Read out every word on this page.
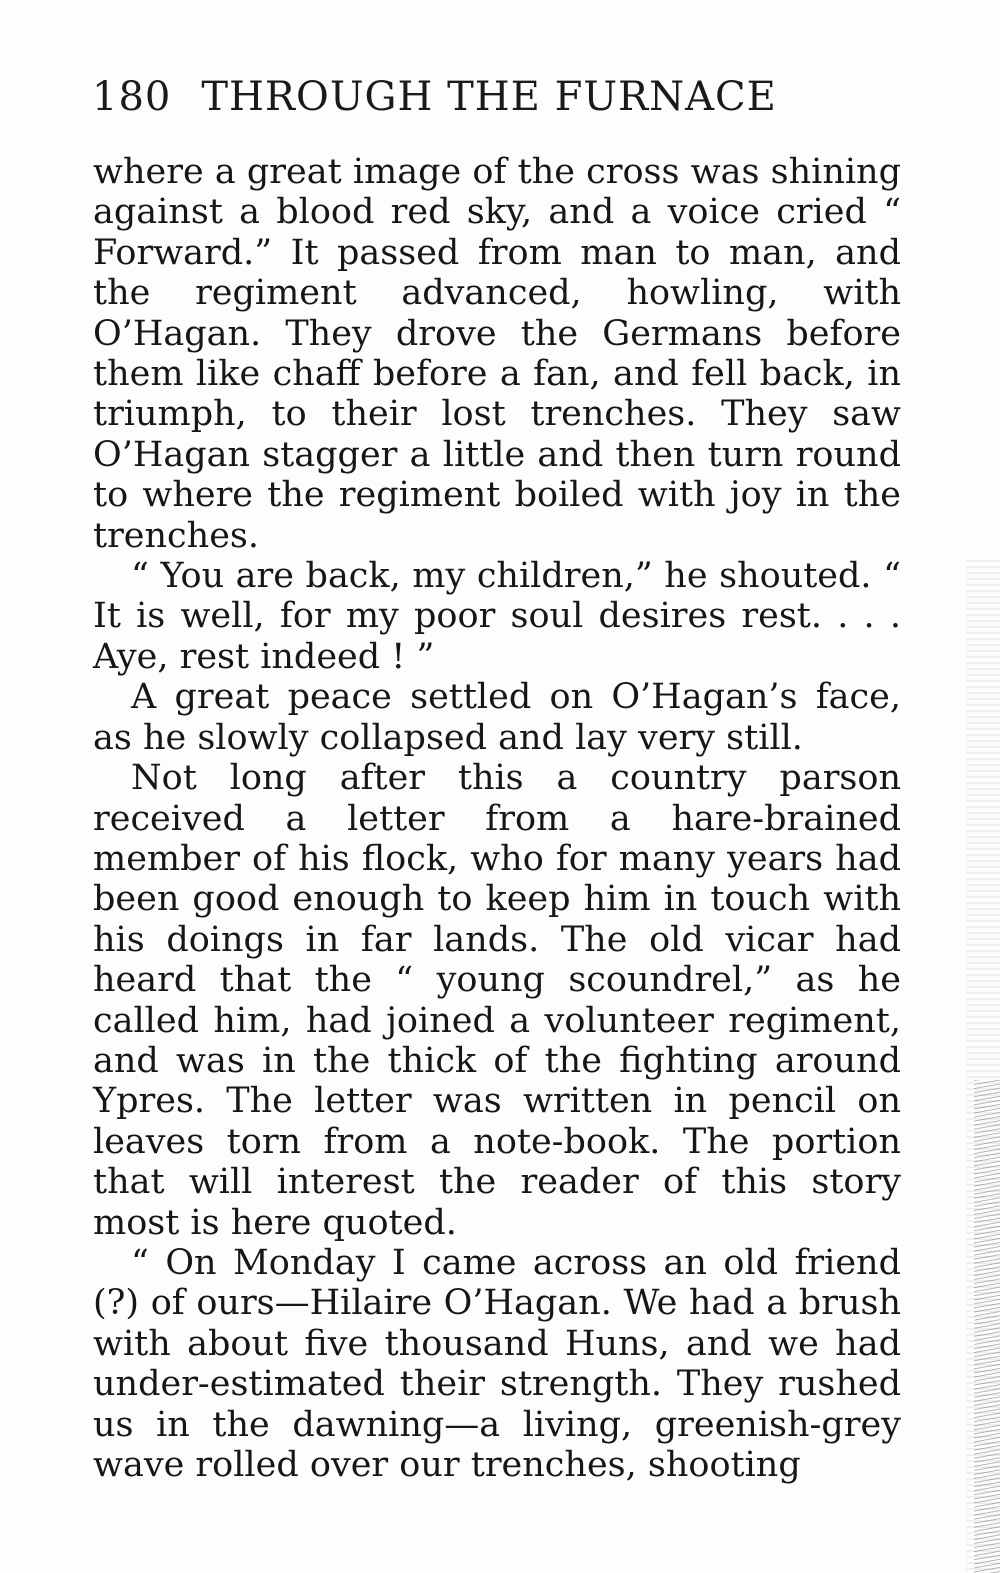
180 THROUGH THE FURNACE

where a great image of the cross was shining against a blood red sky, and a voice cried “ Forward.” It passed from man to man, and the regiment advanced, howling, with O’Hagan. They drove the Germans before them like chaff before a fan, and fell back, in triumph, to their lost trenches. They saw O’Hagan stagger a little and then turn round to where the regiment boiled with joy in the trenches.

“ You are back, my children,” he shouted. “ It is well, for my poor soul desires rest. . . . Aye, rest indeed ! ”

A great peace settled on O’Hagan’s face, as he slowly collapsed and lay very still.

Not long after this a country parson received a letter from a hare-brained member of his flock, who for many years had been good enough to keep him in touch with his doings in far lands. The old vicar had heard that the “ young scoundrel,” as he called him, had joined a volunteer regiment, and was in the thick of the fighting around Ypres. The letter was written in pencil on leaves torn from a note-book. The portion that will interest the reader of this story most is here quoted.

“ On Monday I came across an old friend (?) of ours—Hilaire O’Hagan. We had a brush with about five thousand Huns, and we had under-estimated their strength. They rushed us in the dawning—a living, greenish-grey wave rolled over our trenches, shooting
